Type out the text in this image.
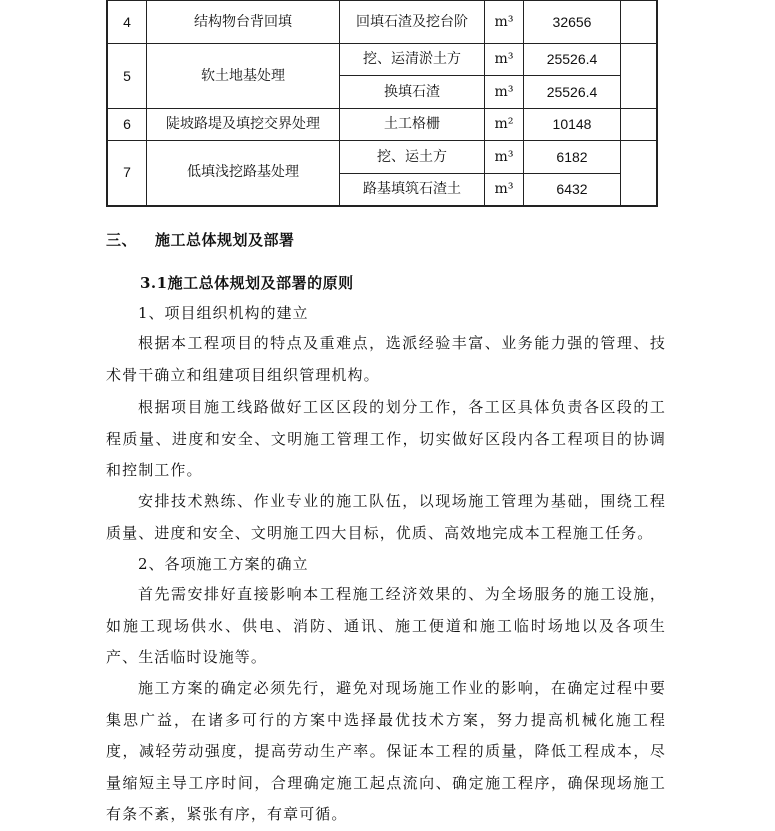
4	结构物台背回填	回填石渣及挖台阶	m³	32656	
5	软土地基处理	挖、运清淤土方	m³	25526.4	
		换填石渣	m³	25526.4	
6	陡坡路堤及填挖交界处理	土工格栅	m²	10148	
7	低填浅挖路基处理	挖、运土方	m³	6182	
		路基填筑石渣土	m³	6432	
三、 施工总体规划及部署
3.1施工总体规划及部署的原则
1、项目组织机构的建立
根据本工程项目的特点及重难点，选派经验丰富、业务能力强的管理、技术骨干确立和组建项目组织管理机构。
根据项目施工线路做好工区区段的划分工作，各工区具体负责各区段的工程质量、进度和安全、文明施工管理工作，切实做好区段内各工程项目的协调和控制工作。
安排技术熟练、作业专业的施工队伍，以现场施工管理为基础，围绕工程质量、进度和安全、文明施工四大目标，优质、高效地完成本工程施工任务。
2、各项施工方案的确立
首先需安排好直接影响本工程施工经济效果的、为全场服务的施工设施，如施工现场供水、供电、消防、通讯、施工便道和施工临时场地以及各项生产、生活临时设施等。
施工方案的确定必须先行，避免对现场施工作业的影响，在确定过程中要集思广益，在诸多可行的方案中选择最优技术方案，努力提高机械化施工程度，减轻劳动强度，提高劳动生产率。保证本工程的质量，降低工程成本，尽量缩短主导工序时间，合理确定施工起点流向、确定施工程序，确保现场施工有条不紊，紧张有序，有章可循。
